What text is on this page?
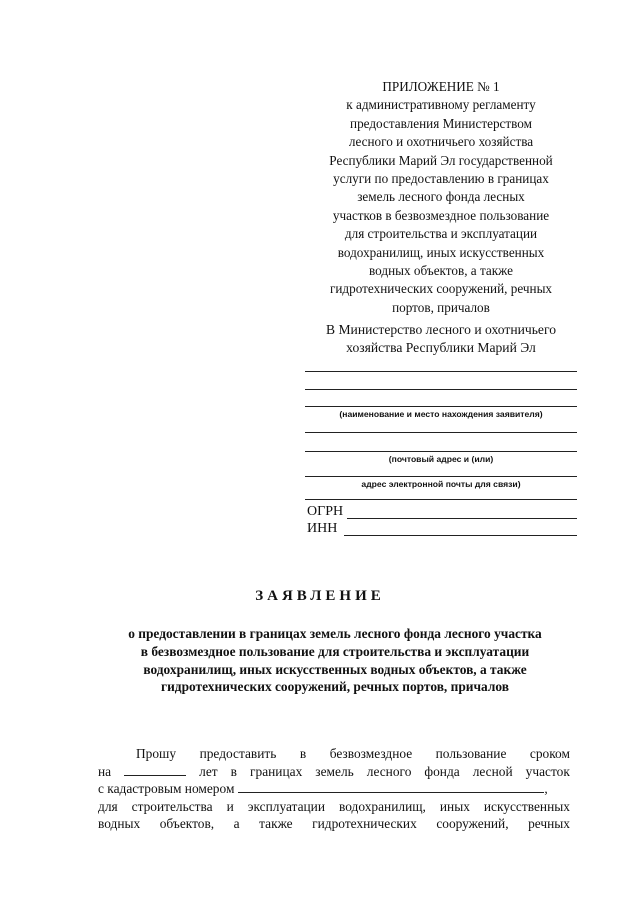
ПРИЛОЖЕНИЕ № 1
к административному регламенту
предоставления Министерством
лесного и охотничьего хозяйства
Республики Марий Эл государственной
услуги по предоставлению в границах
земель лесного фонда лесных
участков в безвозмездное пользование
для строительства и эксплуатации
водохранилищ, иных искусственных
водных объектов, а также
гидротехнических сооружений, речных
портов, причалов
В Министерство лесного и охотничьего
хозяйства Республики Марий Эл
(наименование и место нахождения заявителя)
(почтовый адрес и (или)
адрес электронной почты для связи)
ОГРН
ИНН
ЗАЯВЛЕНИЕ
о предоставлении в границах земель лесного фонда лесного участка
в безвозмездное пользование для строительства и эксплуатации
водохранилищ, иных искусственных водных объектов, а также
гидротехнических сооружений, речных портов, причалов
Прошу предоставить в безвозмездное пользование сроком
на	лет в границах земель лесного фонда лесной участок
с кадастровым номером	,
для строительства и эксплуатации водохранилищ, иных искусственных
водных объектов, а также гидротехнических сооружений, речных
